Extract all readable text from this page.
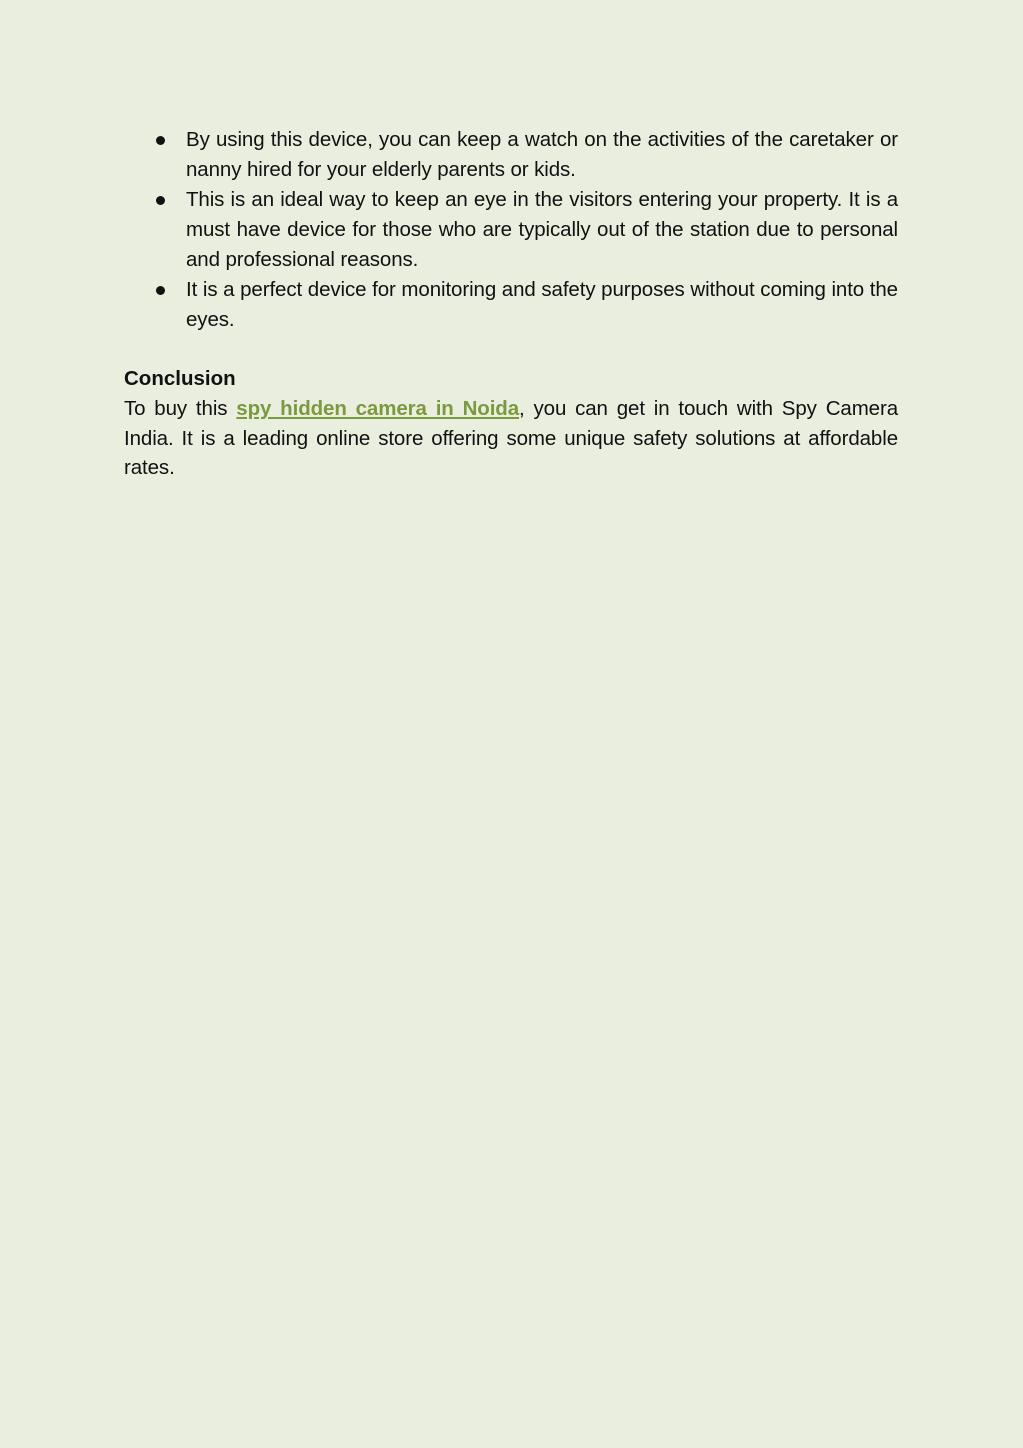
By using this device, you can keep a watch on the activities of the caretaker or nanny hired for your elderly parents or kids.
This is an ideal way to keep an eye in the visitors entering your property. It is a must have device for those who are typically out of the station due to personal and professional reasons.
It is a perfect device for monitoring and safety purposes without coming into the eyes.

Conclusion

To buy this spy hidden camera in Noida, you can get in touch with Spy Camera India. It is a leading online store offering some unique safety solutions at affordable rates.
